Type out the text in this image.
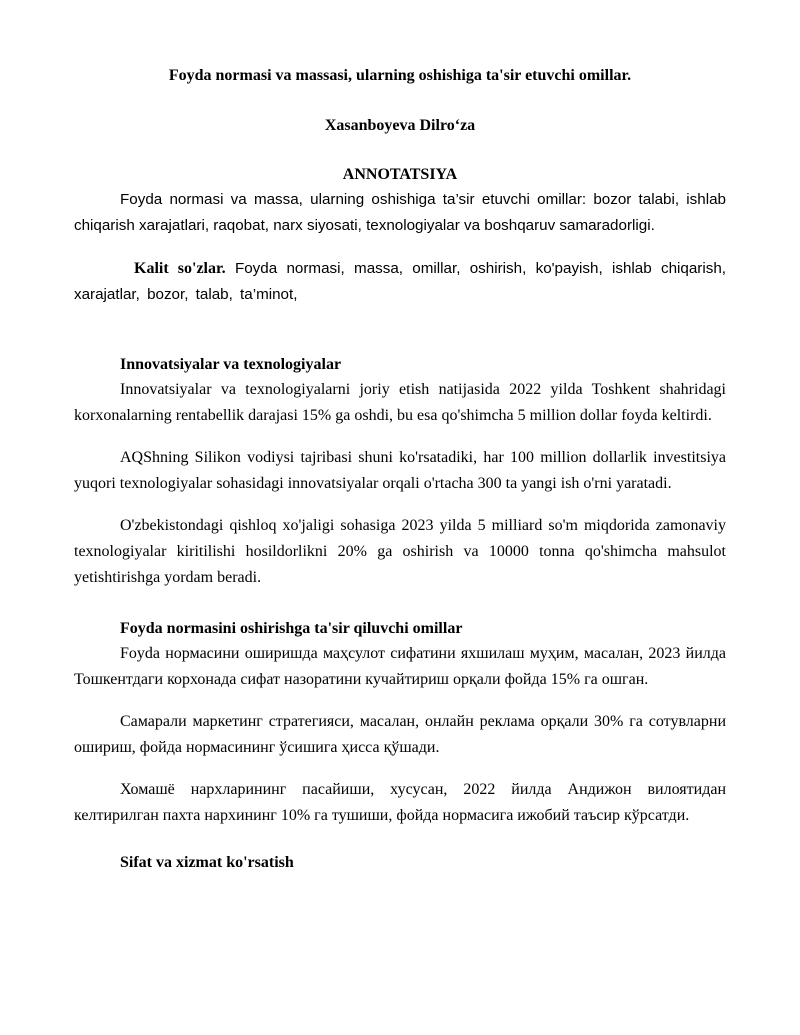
Foyda normasi va massasi, ularning oshishiga ta'sir etuvchi omillar.

Xasanboyeva Dilro‘za

ANNOTATSIYA

Foyda normasi va massa, ularning oshishiga ta’sir etuvchi omillar: bozor talabi, ishlab chiqarish xarajatlari, raqobat, narx siyosati, texnologiyalar va boshqaruv samaradorligi.

Kalit so'zlar. Foyda normasi, massa, omillar, oshirish, ko'payish, ishlab chiqarish, xarajatlar, bozor, talab, ta’minot,

Innovatsiyalar va texnologiyalar

Innovatsiyalar va texnologiyalarni joriy etish natijasida 2022 yilda Toshkent shahridagi korxonalarning rentabellik darajasi 15% ga oshdi, bu esa qo'shimcha 5 million dollar foyda keltirdi.

AQShning Silikon vodiysi tajribasi shuni ko'rsatadiki, har 100 million dollarlik investitsiya yuqori texnologiyalar sohasidagi innovatsiyalar orqali o'rtacha 300 ta yangi ish o'rni yaratadi.

O'zbekistondagi qishloq xo'jaligi sohasiga 2023 yilda 5 milliard so'm miqdorida zamonaviy texnologiyalar kiritilishi hosildorlikni 20% ga oshirish va 10000 tonna qo'shimcha mahsulot yetishtirishga yordam beradi.

Foyda normasini oshirishga ta'sir qiluvchi omillar

Foyda нормасини оширишда маҳсулот сифатини яхшилаш муҳим, масалан, 2023 йилда Тошкентдаги корхонада сифат назоратини кучайтириш орқали фойда 15% га ошган.

Самарали маркетинг стратегияси, масалан, онлайн реклама орқали 30% га сотувларни ошириш, фойда нормасининг ўсишига ҳисса қўшади.

Хомашё нархларининг пасайиши, хусусан, 2022 йилда Андижон вилоятидан келтирилган пахта нархининг 10% га тушиши, фойда нормасига ижобий таъсир кўрсатди.

Sifat va xizmat ko'rsatish
